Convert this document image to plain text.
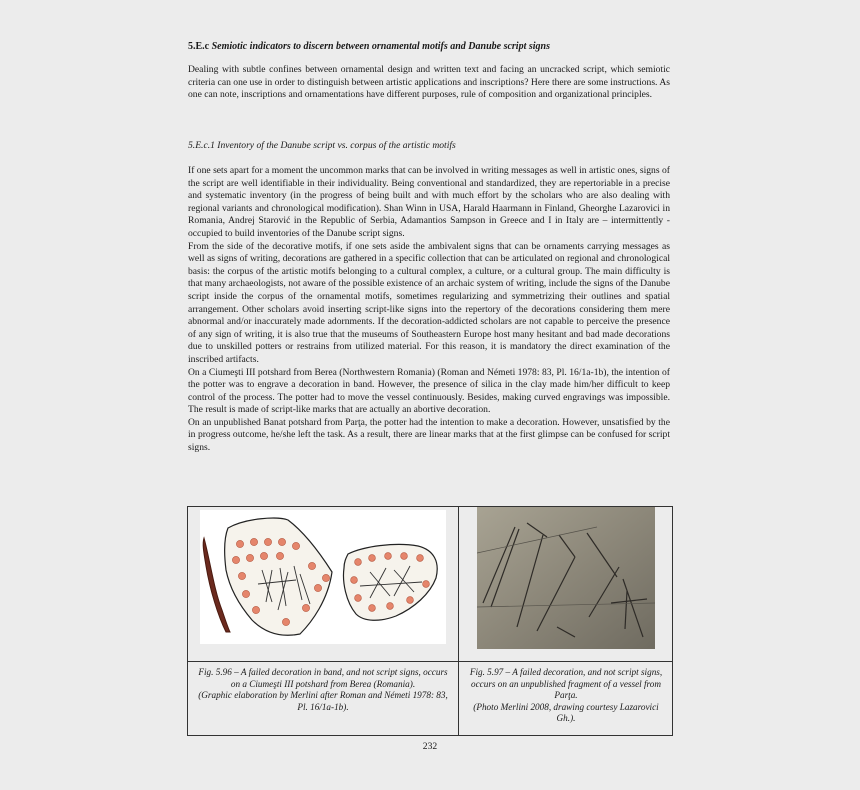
5.E.c Semiotic indicators to discern between ornamental motifs and Danube script signs

Dealing with subtle confines between ornamental design and written text and facing an uncracked script, which semiotic criteria can one use in order to distinguish between artistic applications and inscriptions? Here there are some instructions. As one can note, inscriptions and ornamentations have different purposes, rule of composition and organizational principles.

5.E.c.1 Inventory of the Danube script vs. corpus of the artistic motifs

If one sets apart for a moment the uncommon marks that can be involved in writing messages as well in artistic ones, signs of the script are well identifiable in their individuality. Being conventional and standardized, they are repertoriable in a precise and systematic inventory (in the progress of being built and with much effort by the scholars who are also dealing with regional variants and chronological modification). Shan Winn in USA, Harald Haarmann in Finland, Gheorghe Lazarovici in Romania, Andrej Starović in the Republic of Serbia, Adamantios Sampson in Greece and I in Italy are – intermittently - occupied to build inventories of the Danube script signs.

From the side of the decorative motifs, if one sets aside the ambivalent signs that can be ornaments carrying messages as well as signs of writing, decorations are gathered in a specific collection that can be articulated on regional and chronological basis: the corpus of the artistic motifs belonging to a cultural complex, a culture, or a cultural group. The main difficulty is that many archaeologists, not aware of the possible existence of an archaic system of writing, include the signs of the Danube script inside the corpus of the ornamental motifs, sometimes regularizing and symmetrizing their outlines and spatial arrangement. Other scholars avoid inserting script-like signs into the repertory of the decorations considering them mere abnormal and/or inaccurately made adornments. If the decoration-addicted scholars are not capable to perceive the presence of any sign of writing, it is also true that the museums of Southeastern Europe host many hesitant and bad made decorations due to unskilled potters or restrains from utilized material. For this reason, it is mandatory the direct examination of the inscribed artifacts.

On a Ciumeşti III potshard from Berea (Northwestern Romania) (Roman and Németi 1978: 83, Pl. 16/1a-1b), the intention of the potter was to engrave a decoration in band. However, the presence of silica in the clay made him/her difficult to keep control of the process. The potter had to move the vessel continuously. Besides, making curved engravings was impossible. The result is made of script-like marks that are actually an abortive decoration.

On an unpublished Banat potshard from Parţa, the potter had the intention to make a decoration. However, unsatisfied by the in progress outcome, he/she left the task. As a result, there are linear marks that at the first glimpse can be confused for script signs.

Fig. 5.96 – A failed decoration in band, and not script signs, occurs on a Ciumeşti III potshard from Berea (Romania).
(Graphic elaboration by Merlini after Roman and Németi 1978: 83, Pl. 16/1a-1b).
Fig. 5.97 – A failed decoration, and not script signs, occurs on an unpublished fragment of a vessel from Parţa.
(Photo Merlini 2008, drawing courtesy Lazarovici Gh.).
232
